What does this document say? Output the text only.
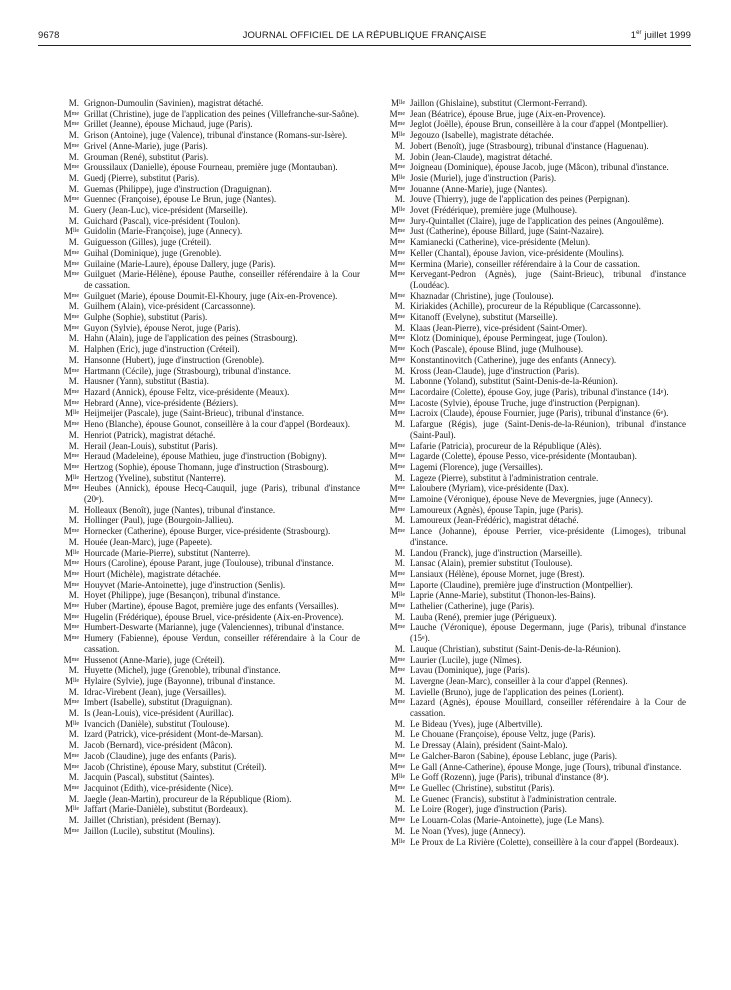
9678	JOURNAL OFFICIEL DE LA RÉPUBLIQUE FRANÇAISE	1er juillet 1999
M. Grignon-Dumoulin (Savinien), magistrat détaché.
$M^{me}$ Grillat (Christine), juge de l'application des peines (Villefranche-sur-Saône).
$M^{me}$ Grillet (Jeanne), épouse Michaud, juge (Paris).
M. Grison (Antoine), juge (Valence), tribunal d'instance (Romans-sur-Isère).
$M^{me}$ Grivel (Anne-Marie), juge (Paris).
M. Grouman (René), substitut (Paris).
$M^{me}$ Groussilaux (Danielle), épouse Fourneau, première juge (Montauban).
M. Guedj (Pierre), substitut (Paris).
M. Guemas (Philippe), juge d'instruction (Draguignan).
$M^{me}$ Guennec (Françoise), épouse Le Brun, juge (Nantes).
M. Guery (Jean-Luc), vice-président (Marseille).
M. Guichard (Pascal), vice-président (Toulon).
$M^{lle}$ Guidolin (Marie-Françoise), juge (Annecy).
M. Guiguesson (Gilles), juge (Créteil).
$M^{me}$ Guihal (Dominique), juge (Grenoble).
$M^{me}$ Guilaine (Marie-Laure), épouse Dallery, juge (Paris).
$M^{me}$ Guilguet (Marie-Hélène), épouse Pauthe, conseiller référendaire à la Cour de cassation.
$M^{me}$ Guilguet (Marie), épouse Doumit-El-Khoury, juge (Aix-en-Provence).
M. Guilhem (Alain), vice-président (Carcassonne).
$M^{me}$ Gulphe (Sophie), substitut (Paris).
$M^{me}$ Guyon (Sylvie), épouse Nerot, juge (Paris).
M. Hahn (Alain), juge de l'application des peines (Strasbourg).
M. Halphen (Eric), juge d'instruction (Créteil).
M. Hansonne (Hubert), juge d'instruction (Grenoble).
$M^{me}$ Hartmann (Cécile), juge (Strasbourg), tribunal d'instance.
M. Hausner (Yann), substitut (Bastia).
$M^{me}$ Hazard (Annick), épouse Feltz, vice-présidente (Meaux).
$M^{me}$ Hebrard (Anne), vice-présidente (Béziers).
$M^{lle}$ Heijmeijer (Pascale), juge (Saint-Brieuc), tribunal d'instance.
$M^{me}$ Heno (Blanche), épouse Gounot, conseillère à la cour d'appel (Bordeaux).
M. Henriot (Patrick), magistrat détaché.
M. Herail (Jean-Louis), substitut (Paris).
$M^{me}$ Heraud (Madeleine), épouse Mathieu, juge d'instruction (Bobigny).
$M^{me}$ Hertzog (Sophie), épouse Thomann, juge d'instruction (Strasbourg).
$M^{lle}$ Hertzog (Yveline), substitut (Nanterre).
$M^{me}$ Heubes (Annick), épouse Hecq-Cauquil, juge (Paris), tribunal d'instance (20e).
M. Holleaux (Benoît), juge (Nantes), tribunal d'instance.
M. Hollinger (Paul), juge (Bourgoin-Jallieu).
$M^{me}$ Hornecker (Catherine), épouse Burger, vice-présidente (Strasbourg).
M. Houée (Jean-Marc), juge (Papeete).
$M^{lle}$ Hourcade (Marie-Pierre), substitut (Nanterre).
$M^{me}$ Hours (Caroline), épouse Parant, juge (Toulouse), tribunal d'instance.
$M^{me}$ Hourt (Michèle), magistrate détachée.
$M^{me}$ Houyvet (Marie-Antoinette), juge d'instruction (Senlis).
M. Hoyet (Philippe), juge (Besançon), tribunal d'instance.
$M^{me}$ Huber (Martine), épouse Bagot, première juge des enfants (Versailles).
$M^{me}$ Hugelin (Frédérique), épouse Bruel, vice-présidente (Aix-en-Provence).
$M^{me}$ Humbert-Deswarte (Marianne), juge (Valenciennes), tribunal d'instance.
$M^{me}$ Humery (Fabienne), épouse Verdun, conseiller référendaire à la Cour de cassation.
$M^{me}$ Hussenot (Anne-Marie), juge (Créteil).
M. Huyette (Michel), juge (Grenoble), tribunal d'instance.
$M^{lle}$ Hylaire (Sylvie), juge (Bayonne), tribunal d'instance.
M. Idrac-Virebent (Jean), juge (Versailles).
$M^{me}$ Imbert (Isabelle), substitut (Draguignan).
M. Is (Jean-Louis), vice-président (Aurillac).
$M^{lle}$ Ivancich (Danièle), substitut (Toulouse).
M. Izard (Patrick), vice-président (Mont-de-Marsan).
M. Jacob (Bernard), vice-président (Mâcon).
$M^{me}$ Jacob (Claudine), juge des enfants (Paris).
$M^{me}$ Jacob (Christine), épouse Mary, substitut (Créteil).
M. Jacquin (Pascal), substitut (Saintes).
$M^{me}$ Jacquinot (Edith), vice-présidente (Nice).
M. Jaegle (Jean-Martin), procureur de la République (Riom).
$M^{lle}$ Jaffart (Marie-Danièle), substitut (Bordeaux).
M. Jaillet (Christian), président (Bernay).
$M^{me}$ Jaillon (Lucile), substitut (Moulins).
$M^{lle}$ Jaillon (Ghislaine), substitut (Clermont-Ferrand).
$M^{me}$ Jean (Béatrice), épouse Brue, juge (Aix-en-Provence).
$M^{me}$ Jeglot (Joëlle), épouse Brun, conseillère à la cour d'appel (Montpellier).
$M^{lle}$ Jegouzo (Isabelle), magistrate détachée.
M. Jobert (Benoît), juge (Strasbourg), tribunal d'instance (Haguenau).
M. Jobin (Jean-Claude), magistrat détaché.
$M^{me}$ Joigneau (Dominique), épouse Jacob, juge (Mâcon), tribunal d'instance.
$M^{lle}$ Josie (Muriel), juge d'instruction (Paris).
$M^{me}$ Jouanne (Anne-Marie), juge (Nantes).
M. Jouve (Thierry), juge de l'application des peines (Perpignan).
$M^{lle}$ Jovet (Frédérique), première juge (Mulhouse).
$M^{me}$ Jury-Quintallet (Claire), juge de l'application des peines (Angoulême).
$M^{me}$ Just (Catherine), épouse Billard, juge (Saint-Nazaire).
$M^{me}$ Kamianecki (Catherine), vice-présidente (Melun).
$M^{me}$ Keller (Chantal), épouse Javion, vice-présidente (Moulins).
$M^{me}$ Kermina (Marie), conseiller référendaire à la Cour de cassation.
$M^{me}$ Kervegant-Pedron (Agnès), juge (Saint-Brieuc), tribunal d'instance (Loudéac).
$M^{me}$ Khaznadar (Christine), juge (Toulouse).
M. Kiriakides (Achille), procureur de la République (Carcassonne).
$M^{me}$ Kitanoff (Evelyne), substitut (Marseille).
M. Klaas (Jean-Pierre), vice-président (Saint-Omer).
$M^{me}$ Klotz (Dominique), épouse Permingeat, juge (Toulon).
$M^{me}$ Koch (Pascale), épouse Blind, juge (Mulhouse).
$M^{me}$ Konstantinovitch (Catherine), juge des enfants (Annecy).
M. Kross (Jean-Claude), juge d'instruction (Paris).
M. Labonne (Yoland), substitut (Saint-Denis-de-la-Réunion).
$M^{me}$ Lacordaire (Colette), épouse Goy, juge (Paris), tribunal d'instance (14e).
$M^{me}$ Lacoste (Sylvie), épouse Truche, juge d'instruction (Perpignan).
$M^{me}$ Lacroix (Claude), épouse Fournier, juge (Paris), tribunal d'instance (6e).
M. Lafargue (Régis), juge (Saint-Denis-de-la-Réunion), tribunal d'instance (Saint-Paul).
$M^{me}$ Lafarie (Patricia), procureur de la République (Alès).
$M^{me}$ Lagarde (Colette), épouse Pesso, vice-présidente (Montauban).
$M^{me}$ Lagemi (Florence), juge (Versailles).
M. Lageze (Pierre), substitut à l'administration centrale.
$M^{me}$ Laloubere (Myriam), vice-présidente (Dax).
$M^{me}$ Lamoine (Véronique), épouse Neve de Mevergnies, juge (Annecy).
$M^{me}$ Lamoureux (Agnès), épouse Tapin, juge (Paris).
M. Lamoureux (Jean-Frédéric), magistrat détaché.
$M^{me}$ Lance (Johanne), épouse Perrier, vice-présidente (Limoges), tribunal d'instance.
M. Landou (Franck), juge d'instruction (Marseille).
M. Lansac (Alain), premier substitut (Toulouse).
$M^{me}$ Lansiaux (Hélène), épouse Mornet, juge (Brest).
$M^{me}$ Laporte (Claudine), première juge d'instruction (Montpellier).
$M^{lle}$ Laprie (Anne-Marie), substitut (Thonon-les-Bains).
$M^{me}$ Lathelier (Catherine), juge (Paris).
M. Lauba (René), premier juge (Périgueux).
$M^{me}$ Lauche (Véronique), épouse Degermann, juge (Paris), tribunal d'instance (15e).
M. Lauque (Christian), substitut (Saint-Denis-de-la-Réunion).
$M^{me}$ Laurier (Lucile), juge (Nîmes).
$M^{me}$ Lavau (Dominique), juge (Paris).
M. Lavergne (Jean-Marc), conseiller à la cour d'appel (Rennes).
M. Lavielle (Bruno), juge de l'application des peines (Lorient).
$M^{me}$ Lazard (Agnès), épouse Mouillard, conseiller référendaire à la Cour de cassation.
M. Le Bideau (Yves), juge (Albertville).
M. Le Chouane (Françoise), épouse Veltz, juge (Paris).
M. Le Dressay (Alain), président (Saint-Malo).
$M^{me}$ Le Galcher-Baron (Sabine), épouse Leblanc, juge (Paris).
$M^{me}$ Le Gall (Anne-Catherine), épouse Monge, juge (Tours), tribunal d'instance.
$M^{lle}$ Le Goff (Rozenn), juge (Paris), tribunal d'instance (8e).
$M^{me}$ Le Guellec (Christine), substitut (Paris).
M. Le Guenec (Francis), substitut à l'administration centrale.
M. Le Loire (Roger), juge d'instruction (Paris).
$M^{me}$ Le Louarn-Colas (Marie-Antoinette), juge (Le Mans).
M. Le Noan (Yves), juge (Annecy).
$M^{lle}$ Le Proux de La Rivière (Colette), conseillère à la cour d'appel (Bordeaux).
